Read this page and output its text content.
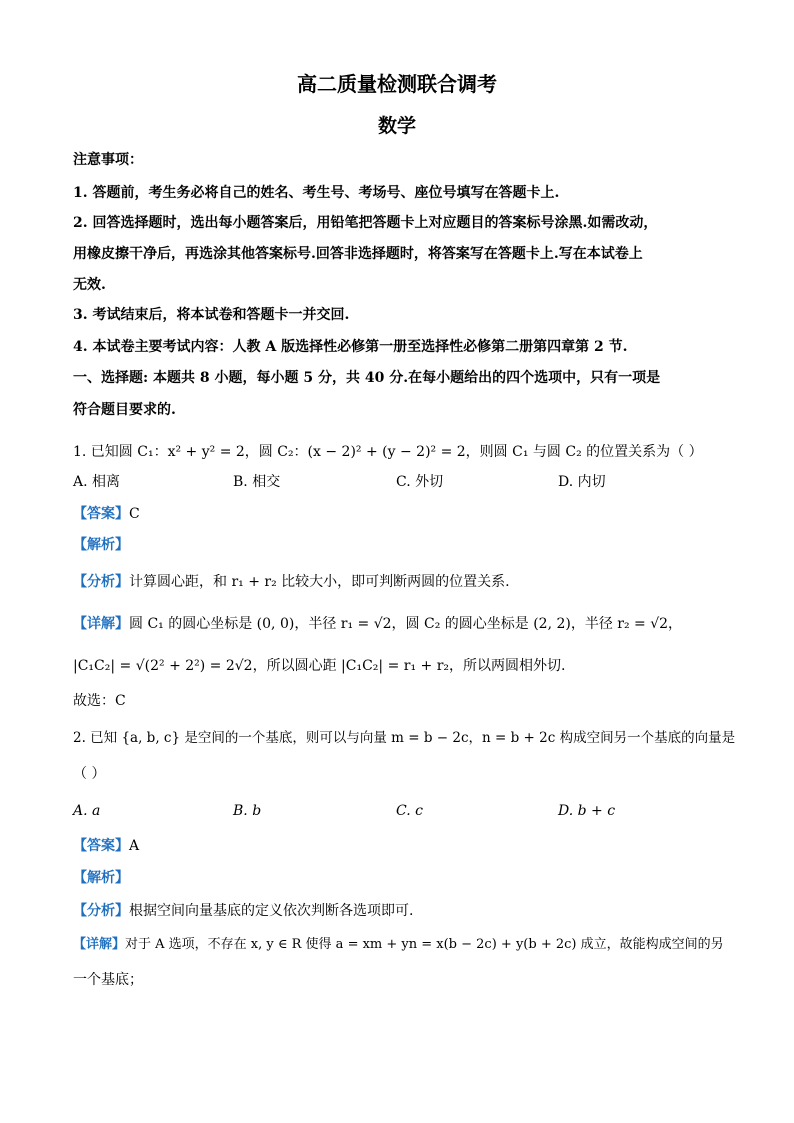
高二质量检测联合调考
数学
注意事项：
1. 答题前，考生务必将自己的姓名、考生号、考场号、座位号填写在答题卡上.
2. 回答选择题时，选出每小题答案后，用铅笔把答题卡上对应题目的答案标号涂黑.如需改动，
用橡皮擦干净后，再选涂其他答案标号.回答非选择题时，将答案写在答题卡上.写在本试卷上
无效.
3. 考试结束后，将本试卷和答题卡一并交回.
4. 本试卷主要考试内容：人教 A 版选择性必修第一册至选择性必修第二册第四章第 2 节.
一、选择题: 本题共 8 小题，每小题 5 分，共 40 分.在每小题给出的四个选项中，只有一项是
符合题目要求的.
1. 已知圆 C₁：x² + y² = 2，圆 C₂：(x − 2)² + (y − 2)² = 2，则圆 C₁ 与圆 C₂ 的位置关系为（ ）
A. 相离	B. 相交	C. 外切	D. 内切
【答案】C
【解析】
【分析】计算圆心距，和 r₁ + r₂ 比较大小，即可判断两圆的位置关系.
【详解】圆 C₁ 的圆心坐标是 (0, 0)，半径 r₁ = √2，圆 C₂ 的圆心坐标是 (2, 2)，半径 r₂ = √2，
|C₁C₂| = √(2² + 2²) = 2√2，所以圆心距 |C₁C₂| = r₁ + r₂，所以两圆相外切.
故选：C
2. 已知 {a, b, c} 是空间的一个基底，则可以与向量 m = b − 2c，n = b + 2c 构成空间另一个基底的向量是
（ ）
A. a	B. b	C. c	D. b + c
【答案】A
【解析】
【分析】根据空间向量基底的定义依次判断各选项即可.
【详解】对于 A 选项，不存在 x, y ∈ R 使得 a = xm + yn = x(b − 2c) + y(b + 2c) 成立，故能构成空间的另
一个基底；
